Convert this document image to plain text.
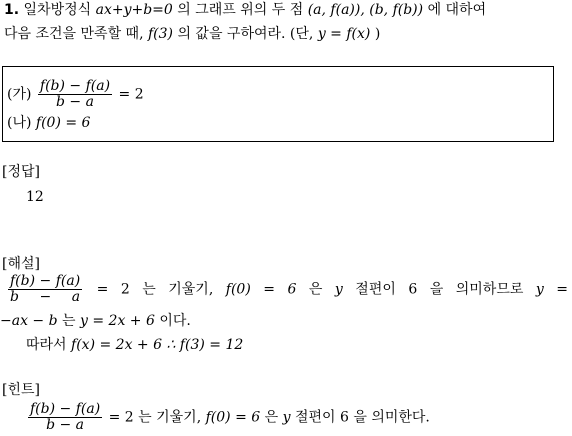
1. 일차방정식 ax+y+b=0 의 그래프 위의 두 점 (a, f(a)), (b, f(b)) 에 대하여
다음 조건을 만족할 때, f(3) 의 값을 구하여라. (단, y = f(x) )
(가) $\frac{f(b) - f(a)}{b - a} = 2$
(나) f(0) = 6
[정답]
12
[해설]
$\frac{f(b) - f(a)}{b - a} = 2$ 는 기울기, f(0) = 6 은 y 절편이 6 을 의미하므로 y =
−ax − b 는 y = 2x + 6 이다.
따라서 f(x) = 2x + 6 ∴ f(3) = 12
[힌트]
$\frac{f(b) - f(a)}{b - a} = 2$ 는 기울기, f(0) = 6 은 y 절편이 6 을 의미한다.
